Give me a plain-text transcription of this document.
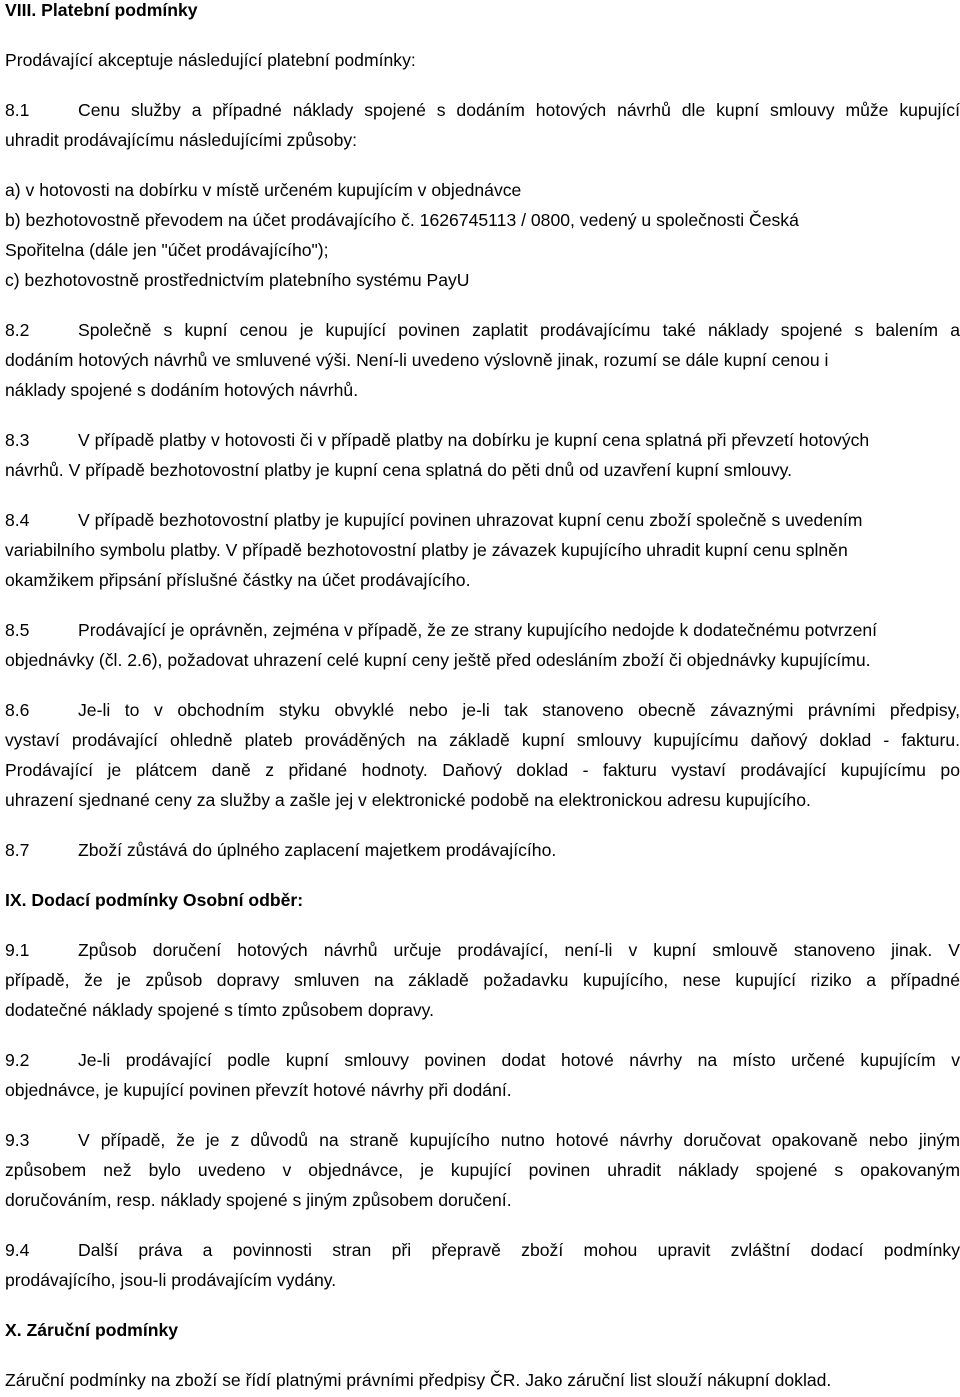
VIII. Platební podmínky
Prodávající akceptuje následující platební podmínky:
8.1	Cenu služby a případné náklady spojené s dodáním hotových návrhů dle kupní smlouvy může kupující
uhradit prodávajícímu následujícími způsoby:
a) v hotovosti na dobírku v místě určeném kupujícím v objednávce
b) bezhotovostně převodem na účet prodávajícího č. 1626745113 / 0800, vedený u společnosti Česká
Spořitelna (dále jen "účet prodávajícího");
c) bezhotovostně prostřednictvím platebního systému PayU
8.2	Společně s kupní cenou je kupující povinen zaplatit prodávajícímu také náklady spojené s balením a
dodáním hotových návrhů ve smluvené výši. Není-li uvedeno výslovně jinak, rozumí se dále kupní cenou i
náklady spojené s dodáním hotových návrhů.
8.3	V případě platby v hotovosti či v případě platby na dobírku je kupní cena splatná při převzetí hotových
návrhů. V případě bezhotovostní platby je kupní cena splatná do pěti dnů od uzavření kupní smlouvy.
8.4	V případě bezhotovostní platby je kupující povinen uhrazovat kupní cenu zboží společně s uvedením
variabilního symbolu platby. V případě bezhotovostní platby je závazek kupujícího uhradit kupní cenu splněn
okamžikem připsání příslušné částky na účet prodávajícího.
8.5	Prodávající je oprávněn, zejména v případě, že ze strany kupujícího nedojde k dodatečnému potvrzení
objednávky (čl. 2.6), požadovat uhrazení celé kupní ceny ještě před odesláním zboží či objednávky kupujícímu.
8.6	Je-li to v obchodním styku obvyklé nebo je-li tak stanoveno obecně závaznými právními předpisy,
vystaví prodávající ohledně plateb prováděných na základě kupní smlouvy kupujícímu daňový doklad - fakturu.
Prodávající je plátcem daně z přidané hodnoty. Daňový doklad - fakturu vystaví prodávající kupujícímu po
uhrazení sjednané ceny za služby a zašle jej v elektronické podobě na elektronickou adresu kupujícího.
8.7	Zboží zůstává do úplného zaplacení majetkem prodávajícího.
IX. Dodací podmínky Osobní odběr:
9.1	Způsob doručení hotových návrhů určuje prodávající, není-li v kupní smlouvě stanoveno jinak. V
případě, že je způsob dopravy smluven na základě požadavku kupujícího, nese kupující riziko a případné
dodatečné náklady spojené s tímto způsobem dopravy.
9.2	Je-li prodávající podle kupní smlouvy povinen dodat hotové návrhy na místo určené kupujícím v
objednávce, je kupující povinen převzít hotové návrhy při dodání.
9.3	V případě, že je z důvodů na straně kupujícího nutno hotové návrhy doručovat opakovaně nebo jiným
způsobem než bylo uvedeno v objednávce, je kupující povinen uhradit náklady spojené s opakovaným
doručováním, resp. náklady spojené s jiným způsobem doručení.
9.4	Další práva a povinnosti stran při přepravě zboží mohou upravit zvláštní dodací podmínky
prodávajícího, jsou-li prodávajícím vydány.
X. Záruční podmínky
Záruční podmínky na zboží se řídí platnými právními předpisy ČR. Jako záruční list slouží nákupní doklad.
